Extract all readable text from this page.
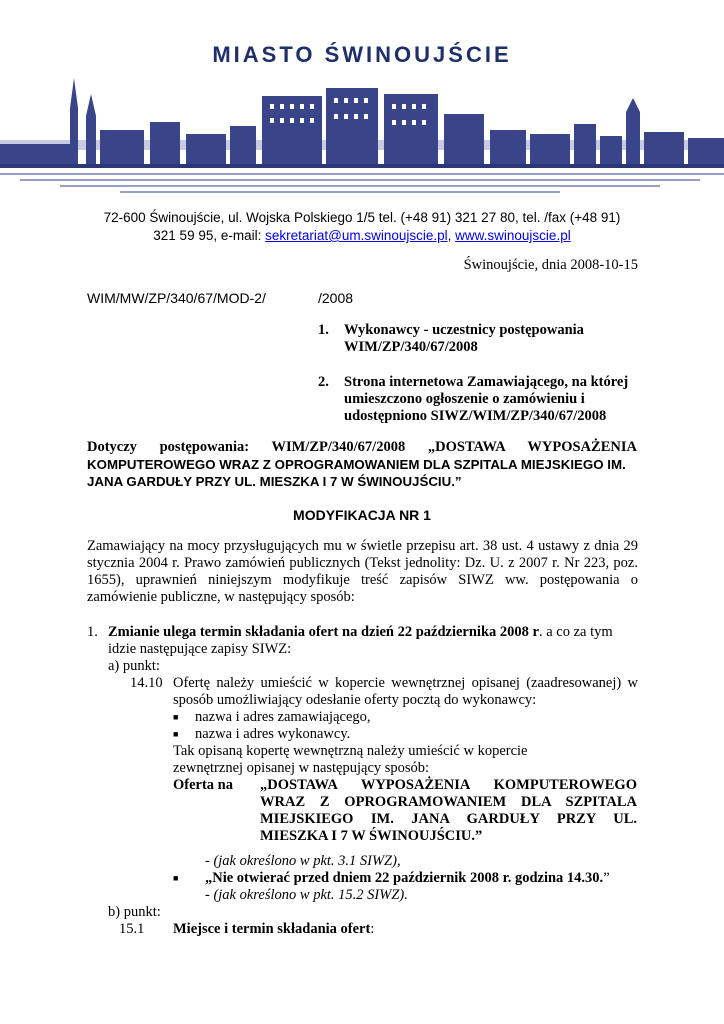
MIASTO ŚWINOUJŚCIE
72-600 Świnoujście, ul. Wojska Polskiego 1/5 tel. (+48 91) 321 27 80, tel. /fax (+48 91)
321 59 95, e-mail: sekretariat@um.swinoujscie.pl, www.swinoujscie.pl
Świnoujście, dnia 2008-10-15
WIM/MW/ZP/340/67/MOD-2/	/2008
1. Wykonawcy - uczestnicy postępowania WIM/ZP/340/67/2008
2. Strona internetowa Zamawiającego, na której umieszczono ogłoszenie o zamówieniu i udostępniono SIWZ/WIM/ZP/340/67/2008
Dotyczy postępowania: WIM/ZP/340/67/2008 „DOSTAWA WYPOSAŻENIA
KOMPUTEROWEGO WRAZ Z OPROGRAMOWANIEM DLA SZPITALA MIEJSKIEGO IM.
JANA GARDUŁY PRZY UL. MIESZKA I 7 W ŚWINOUJŚCIU.”
MODYFIKACJA NR 1
Zamawiający na mocy przysługujących mu w świetle przepisu art. 38 ust. 4 ustawy z dnia 29 stycznia 2004 r. Prawo zamówień publicznych (Tekst jednolity: Dz. U. z 2007 r. Nr 223, poz. 1655), uprawnień niniejszym modyfikuje treść zapisów SIWZ ww. postępowania o zamówienie publiczne, w następujący sposób:
1. Zmianie ulega termin składania ofert na dzień 22 października 2008 r. a co za tym
idzie następujące zapisy SIWZ:
a) punkt:
14.10 Ofertę należy umieścić w kopercie wewnętrznej opisanej (zaadresowanej) w sposób umożliwiający odesłanie oferty pocztą do wykonawcy:
■ nazwa i adres zamawiającego,
■ nazwa i adres wykonawcy.
Tak opisaną kopertę wewnętrzną należy umieścić w kopercie
zewnętrznej opisanej w następujący sposób:
Oferta na „DOSTAWA WYPOSAŻENIA KOMPUTEROWEGO
WRAZ Z OPROGRAMOWANIEM DLA SZPITALA
MIEJSKIEGO IM. JANA GARDUŁY PRZY UL.
MIESZKA I 7 W ŚWINOUJŚCIU.”
- (jak określono w pkt. 3.1 SIWZ),
■ „Nie otwierać przed dniem 22 październik 2008 r. godzina 14.30.”
- (jak określono w pkt. 15.2 SIWZ).
b) punkt:
15.1 Miejsce i termin składania ofert:
